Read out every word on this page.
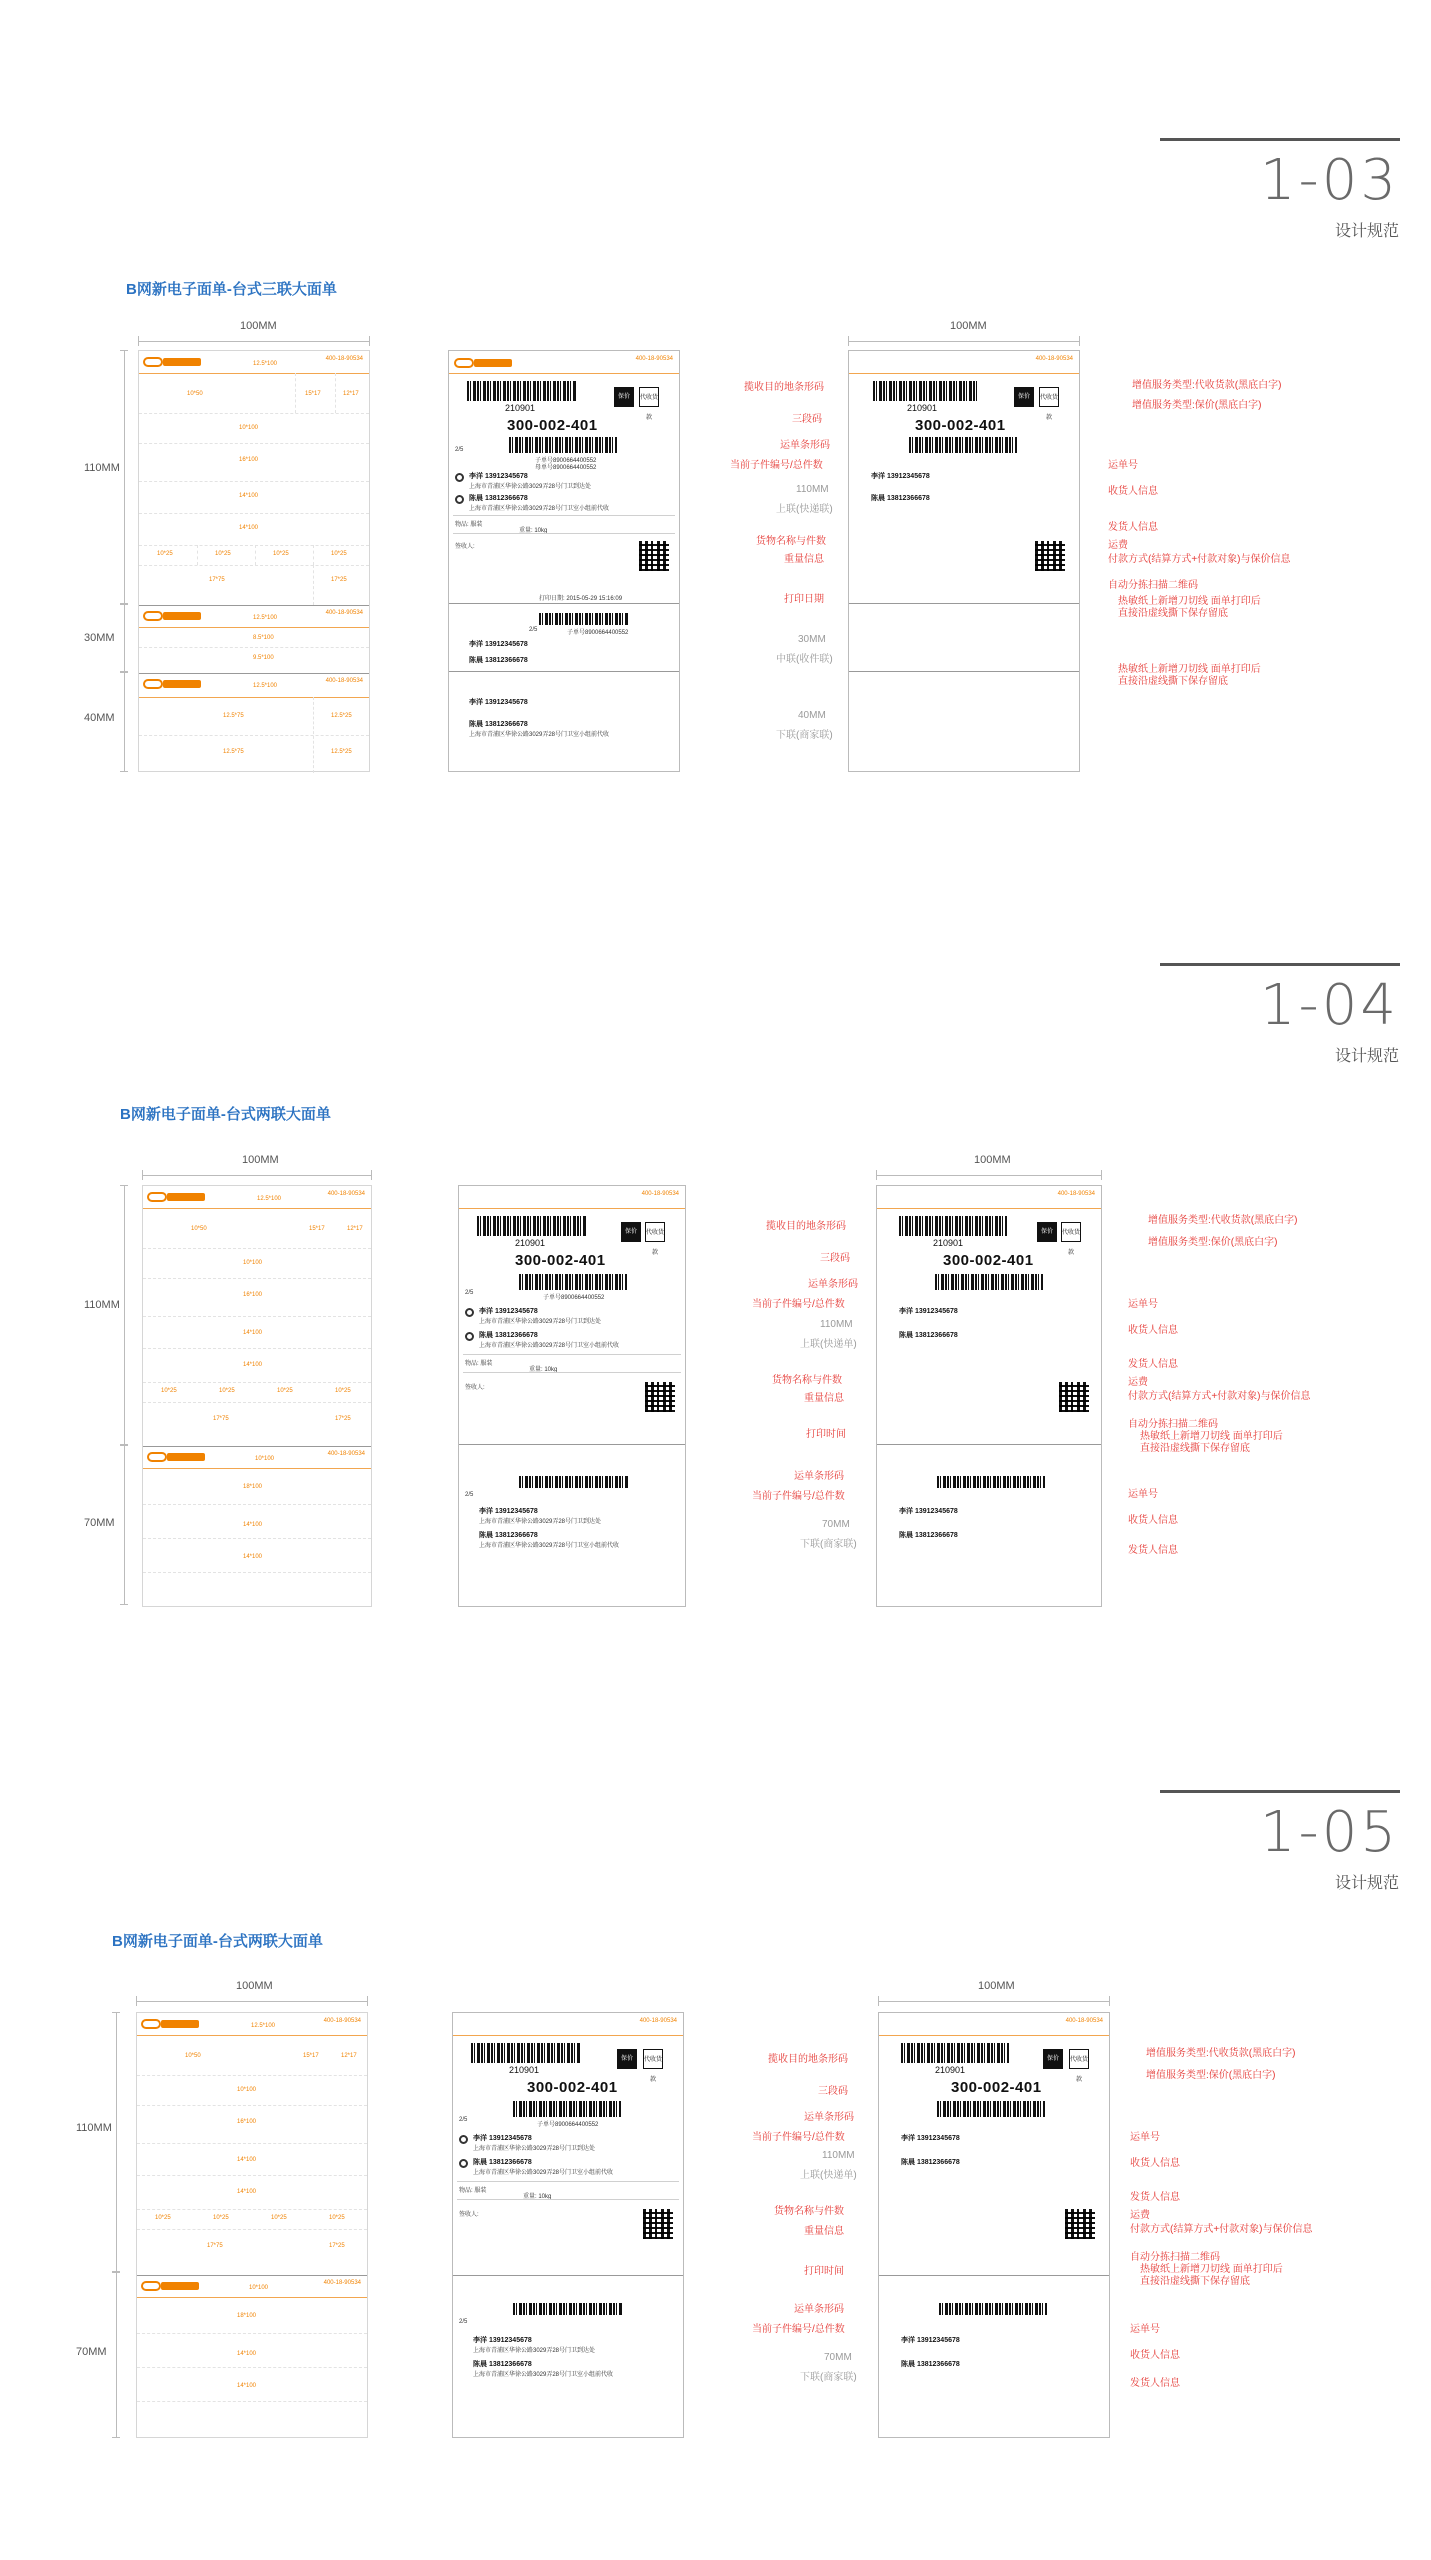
1-03
设计规范
B网新电子面单-台式三联大面单
100MM
110MM
30MM
40MM
400-18-90534
12.5*100
10*50	15*17	12*17
10*100
16*100
14*100
14*100
10*25	10*25	10*25	10*25
17*75	17*25
400-18-90534
12.5*100
8.5*100
9.5*100
400-18-90534
12.5*100
12.5*75	12.5*25
12.5*75	12.5*25
400-18-90534
210901
保价	代收货款
300-002-401
2/5
子单号8900664400552
母单号8900664400552
李洋 13912345678
上海市青浦区华徐公路3029弄28号门卫到达处
陈晨 13812366678
上海市青浦区华徐公路3029弄28号门卫室小组前代收
物品: 服装
重量: 10kg
签收人:
打印日期: 2015-05-29 15:16:09
2/5	子单号8900664400552
李洋 13912345678
陈晨 13812366678
李洋 13912345678
陈晨 13812366678
上海市青浦区华徐公路3029弄28号门卫室小组前代收
100MM
400-18-90534
210901
保价	代收货款
300-002-401
李洋 13912345678
陈晨 13812366678
110MM
上联(快递联)
30MM
中联(收件联)
40MM
下联(商家联)
揽收目的地条形码
三段码
运单条形码
当前子件编号/总件数
货物名称与件数
重量信息
打印日期
增值服务类型:代收货款(黑底白字)
增值服务类型:保价(黑底白字)
运单号
收货人信息
发货人信息
运费
付款方式(结算方式+付款对象)与保价信息
自动分拣扫描二维码
热敏纸上新增刀切线 面单打印后直接沿虚线撕下保存留底
热敏纸上新增刀切线 面单打印后直接沿虚线撕下保存留底
1-04
设计规范
B网新电子面单-台式两联大面单
100MM
110MM
70MM
400-18-90534
12.5*100
10*50	15*17	12*17
10*100
16*100
14*100
14*100
10*25	10*25	10*25	10*25
17*75	17*25
400-18-90534
10*100
18*100
14*100
14*100
400-18-90534
210901
保价	代收货款
300-002-401
2/5
子单号8900664400552
李洋 13912345678
上海市青浦区华徐公路3029弄28号门卫到达处
陈晨 13812366678
上海市青浦区华徐公路3029弄28号门卫室小组前代收
物品: 服装
重量: 10kg
签收人:
2/5
李洋 13912345678
上海市青浦区华徐公路3029弄28号门卫到达处
陈晨 13812366678
上海市青浦区华徐公路3029弄28号门卫室小组前代收
100MM
400-18-90534
210901
保价	代收货款
300-002-401
李洋 13912345678
陈晨 13812366678
李洋 13912345678
陈晨 13812366678
110MM
上联(快递单)
70MM
下联(商家联)
揽收目的地条形码
三段码
运单条形码
当前子件编号/总件数
货物名称与件数
重量信息
打印时间
运单条形码
当前子件编号/总件数
增值服务类型:代收货款(黑底白字)
增值服务类型:保价(黑底白字)
运单号
收货人信息
发货人信息
运费
付款方式(结算方式+付款对象)与保价信息
自动分拣扫描二维码
热敏纸上新增刀切线 面单打印后直接沿虚线撕下保存留底
运单号
收货人信息
发货人信息
1-05
设计规范
B网新电子面单-台式两联大面单
100MM
110MM
70MM
400-18-90534
12.5*100
10*50	15*17	12*17
10*100
16*100
14*100
14*100
10*25	10*25	10*25	10*25
17*75	17*25
400-18-90534
10*100
18*100
14*100
14*100
400-18-90534
210901
保价	代收货款
300-002-401
2/5
子单号8900664400552
李洋 13912345678
上海市青浦区华徐公路3029弄28号门卫到达处
陈晨 13812366678
上海市青浦区华徐公路3029弄28号门卫室小组前代收
物品: 服装
重量: 10kg
签收人:
2/5
李洋 13912345678
上海市青浦区华徐公路3029弄28号门卫到达处
陈晨 13812366678
上海市青浦区华徐公路3029弄28号门卫室小组前代收
100MM
400-18-90534
210901
保价	代收货款
300-002-401
李洋 13912345678
陈晨 13812366678
李洋 13912345678
陈晨 13812366678
110MM
上联(快递单)
70MM
下联(商家联)
揽收目的地条形码
三段码
运单条形码
当前子件编号/总件数
货物名称与件数
重量信息
打印时间
运单条形码
当前子件编号/总件数
增值服务类型:代收货款(黑底白字)
增值服务类型:保价(黑底白字)
运单号
收货人信息
发货人信息
运费
付款方式(结算方式+付款对象)与保价信息
自动分拣扫描二维码
热敏纸上新增刀切线 面单打印后直接沿虚线撕下保存留底
运单号
收货人信息
发货人信息
